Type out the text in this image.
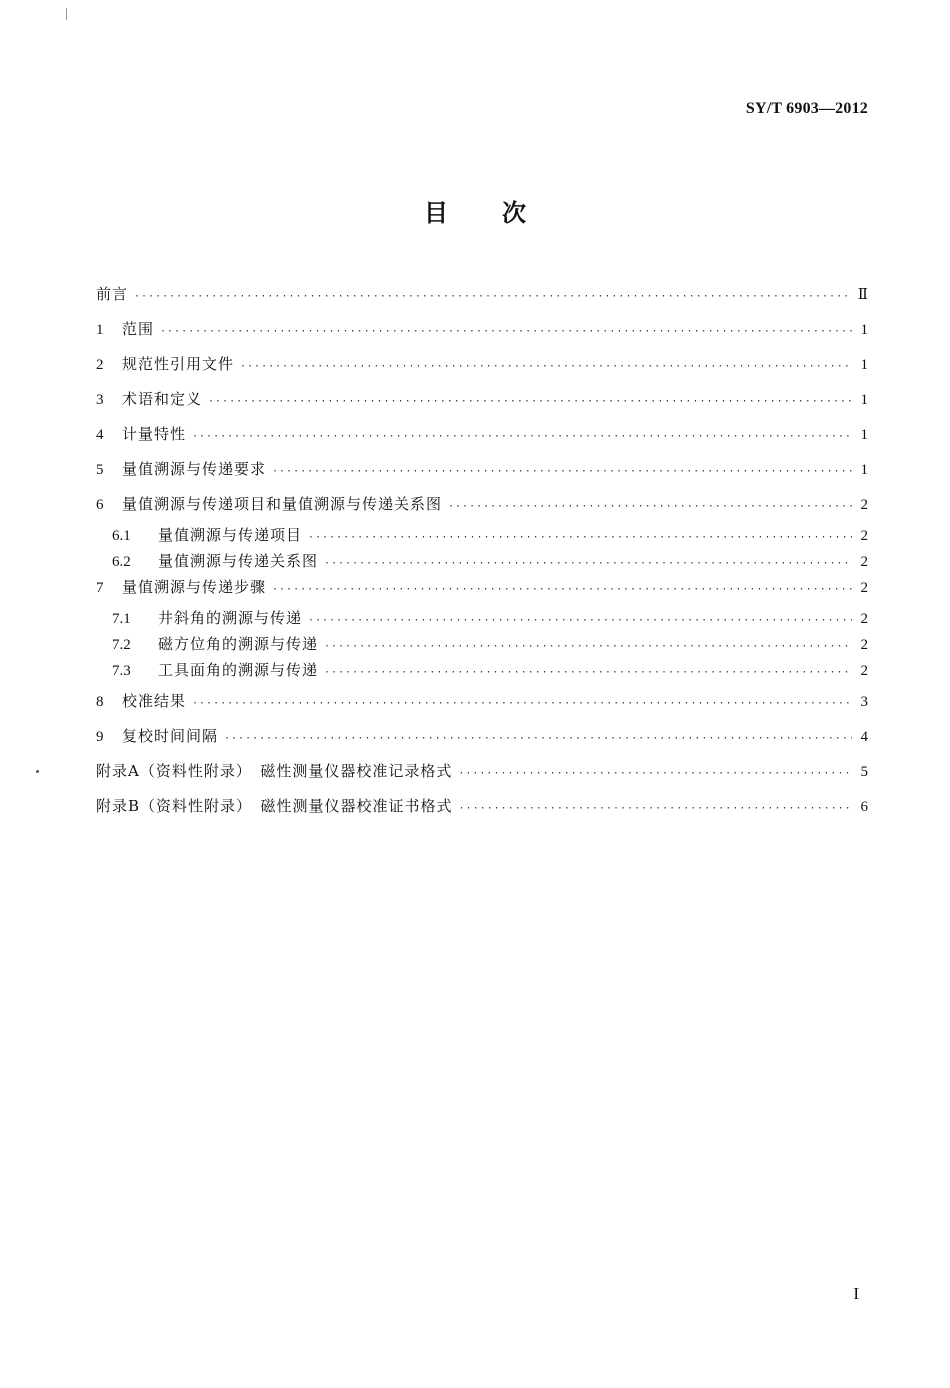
SY/T 6903—2012
目 次
前言 ·····	Ⅱ
1	范围 ·····	1
2	规范性引用文件 ·····	1
3	术语和定义 ·····	1
4	计量特性 ·····	1
5	量值溯源与传递要求 ·····	1
6	量值溯源与传递项目和量值溯源与传递关系图 ·····	2
6.1	量值溯源与传递项目 ·····	2
6.2	量值溯源与传递关系图 ·····	2
7	量值溯源与传递步骤 ·····	2
7.1	井斜角的溯源与传递 ·····	2
7.2	磁方位角的溯源与传递 ·····	2
7.3	工具面角的溯源与传递 ·····	2
8	校准结果 ·····	3
9	复校时间间隔 ·····	4
附录A（资料性附录）　磁性测量仪器校准记录格式 ·····	5
附录B（资料性附录）　磁性测量仪器校准证书格式 ·····	6
I
